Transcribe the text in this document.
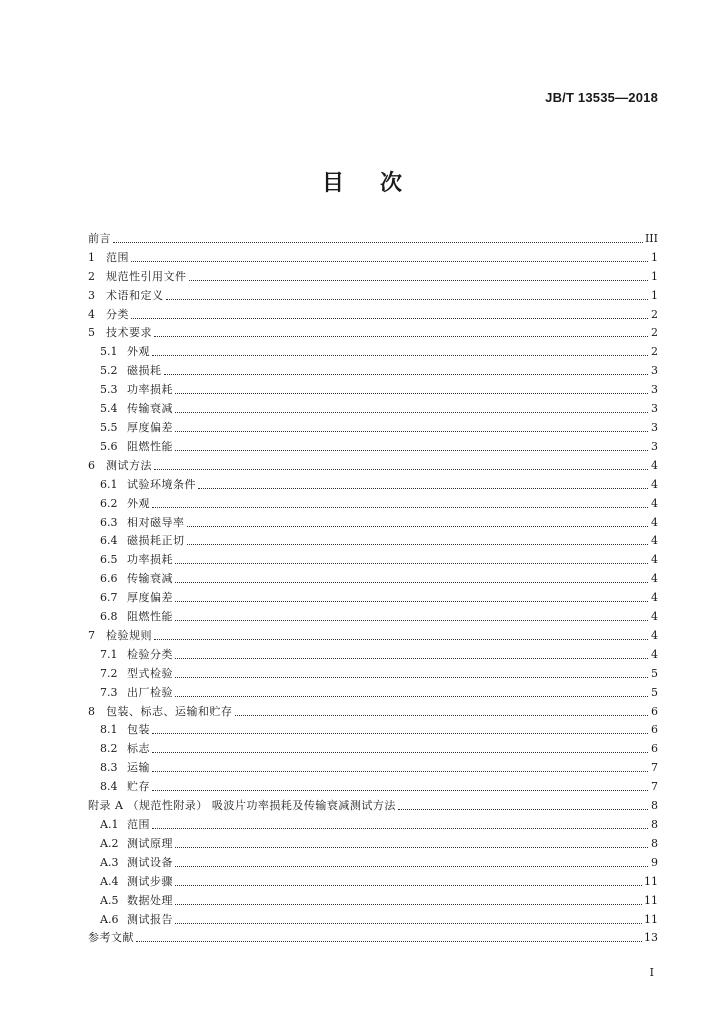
JB/T 13535—2018
目 次
前言	III
1	范围	1
2	规范性引用文件	1
3	术语和定义	1
4	分类	2
5	技术要求	2
5.1 外观	2
5.2 磁损耗	3
5.3 功率损耗	3
5.4 传输衰减	3
5.5 厚度偏差	3
5.6 阻燃性能	3
6	测试方法	4
6.1 试验环境条件	4
6.2 外观	4
6.3 相对磁导率	4
6.4 磁损耗正切	4
6.5 功率损耗	4
6.6 传输衰减	4
6.7 厚度偏差	4
6.8 阻燃性能	4
7	检验规则	4
7.1 检验分类	4
7.2 型式检验	5
7.3 出厂检验	5
8	包装、标志、运输和贮存	6
8.1 包装	6
8.2 标志	6
8.3 运输	7
8.4 贮存	7
附录 A （规范性附录） 吸波片功率损耗及传输衰减测试方法	8
A.1 范围	8
A.2 测试原理	8
A.3 测试设备	9
A.4 测试步骤	11
A.5 数据处理	11
A.6 测试报告	11
参考文献	13
I
